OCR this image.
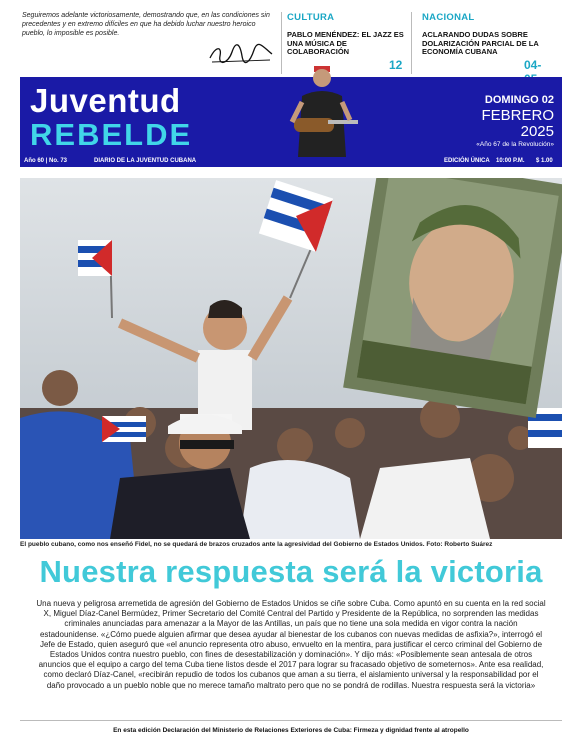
Seguiremos adelante victoriosamente, demostrando que, en las condiciones sin precedentes y en extremo difíciles en que ha debido luchar nuestro heroico pueblo, lo imposible es posible.
CULTURA
PABLO MENÉNDEZ: EL JAZZ ES UNA MÚSICA DE COLABORACIÓN
12
NACIONAL
ACLARANDO DUDAS SOBRE DOLARIZACIÓN PARCIAL DE LA ECONOMÍA CUBANA
04-
Juventud
REBELDE
DOMINGO 02
FEBRERO
2025
«Año 67 de la Revolución»
Año 60 | No. 73	DIARIO DE LA JUVENTUD CUBANA	EDICIÓN ÚNICA 10:00 P.M. $ 1.00
El pueblo cubano, como nos enseñó Fidel, no se quedará de brazos cruzados ante la agresividad del Gobierno de Estados Unidos. Foto: Roberto Suárez
Nuestra respuesta será la victoria
Una nueva y peligrosa arremetida de agresión del Gobierno de Estados Unidos se ciñe sobre Cuba. Como apuntó en su cuenta en la red social X, Miguel Díaz-Canel Bermúdez, Primer Secretario del Comité Central del Partido y Presidente de la República, no sorprenden las medidas criminales anunciadas para amenazar a la Mayor de las Antillas, un país que no tiene una sola medida en vigor contra la nación estadounidense. «¿Cómo puede alguien afirmar que desea ayudar al bienestar de los cubanos con nuevas medidas de asfixia?», interrogó el Jefe de Estado, quien aseguró que «el anuncio representa otro abuso, envuelto en la mentira, para justificar el cerco criminal del Gobierno de Estados Unidos contra nuestro pueblo, con fines de desestabilización y dominación». Y dijo más: «Posiblemente sean antesala de otros anuncios que el equipo a cargo del tema Cuba tiene listos desde el 2017 para lograr su fracasado objetivo de someternos». Ante esa realidad, como declaró Díaz-Canel, «recibirán repudio de todos los cubanos que aman a su tierra, el aislamiento universal y la responsabilidad por el daño provocado a un pueblo noble que no merece tamaño maltrato pero que no se pondrá de rodillas. Nuestra respuesta será la victoria»
En esta edición Declaración del Ministerio de Relaciones Exteriores de Cuba: Firmeza y dignidad frente al atropello
